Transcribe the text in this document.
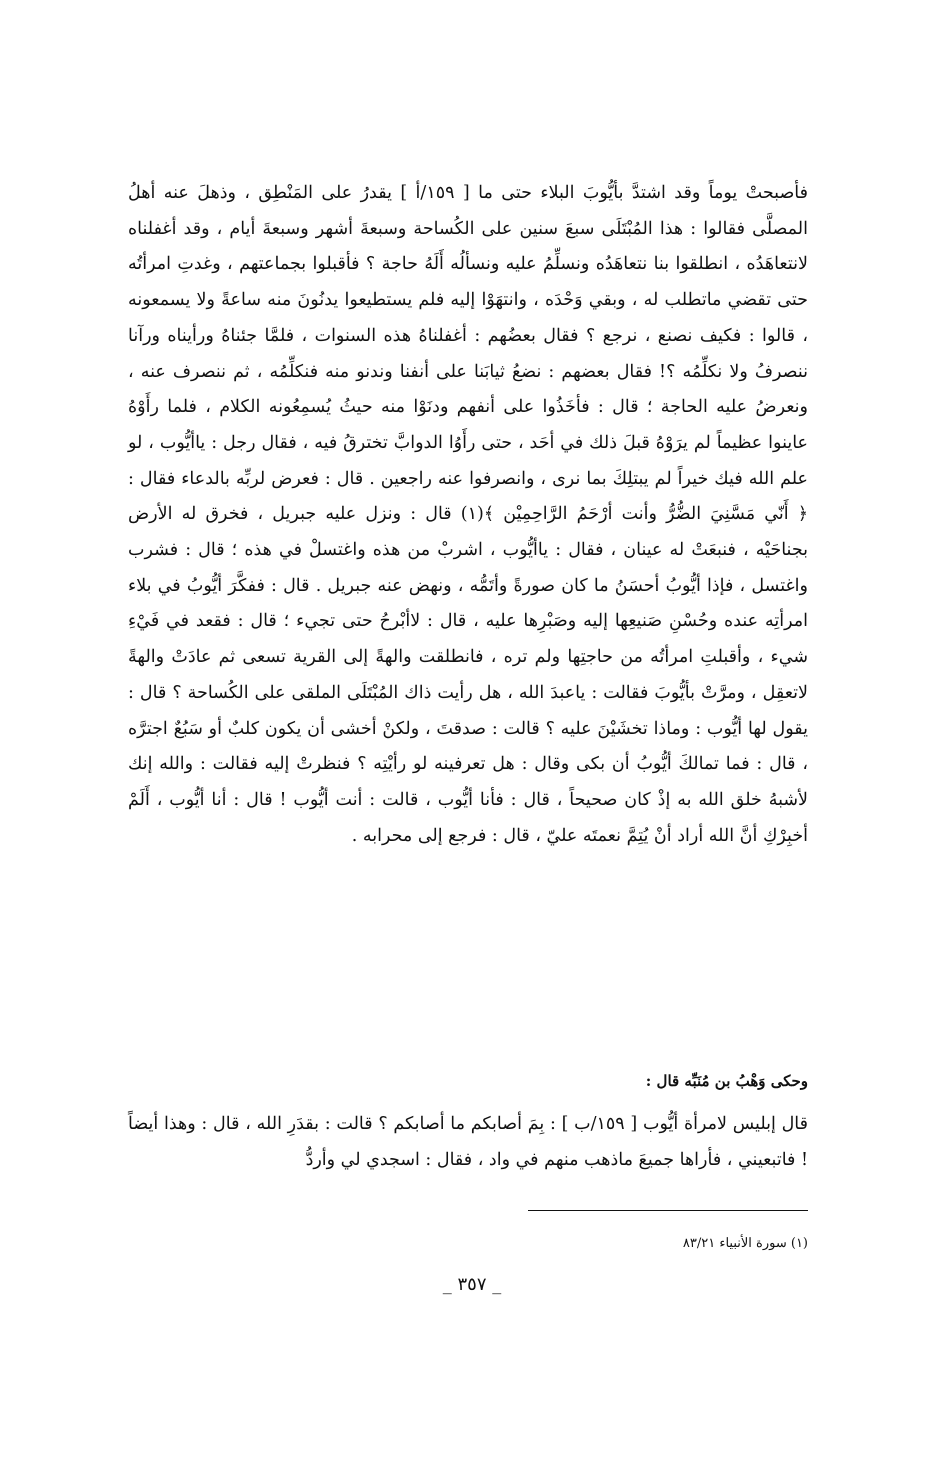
فأصبحتْ يوماً وقد اشتدَّ بأيُّوبَ البلاء حتى ما [ ١٥٩/أ ] يقدرُ على المَنْطِق ، وذهلَ عنه أهلُ المصلَّى فقالوا : هذا المُبْتَلَى سبعَ سنين على الكُساحة وسبعةَ أشهر وسبعةَ أيام ، وقد أغفلناه لانتعاهَدُه ، انطلقوا بنا نتعاهَدُه ونسلِّمُ عليه ونسألُه أَلَهُ حاجة ؟ فأقبلوا بجماعتهم ، وغدتِ امرأتُه حتى تقضي ماتطلب له ، وبقي وَحْدَه ، وانتهَوْا إليه فلم يستطيعوا يدنُونَ منه ساعةً ولا يسمعونه ، قالوا : فكيف نصنع ، نرجع ؟ فقال بعضُهم : أغفلناهُ هذه السنوات ، فلمَّا جئناهُ ورأيناه ورآنا ننصرفُ ولا نكلِّمُه ؟! فقال بعضهم : نضعُ ثيابَنا على أنفنا وندنو منه فنكلِّمُه ، ثم ننصرف عنه ، ونعرضُ عليه الحاجة ؛ قال : فأخَذُوا على أنفهم ودنَوْا منه حيثُ يُسمِعُونه الكلام ، فلما رأَوْهُ عاينوا عظيماً لم يرَوْهُ قبلَ ذلك في أحَد ، حتى رأَوُا الدوابَّ تخترقُ فيه ، فقال رجل : ياأيُّوب ، لو علم الله فيك خيراً لم يبتلِكَ بما نرى ، وانصرفوا عنه راجعين . قال : فعرض لربِّه بالدعاء فقال : ﴿ أَنّي مَسَّنِيَ الضُّرُّ وأنت أرْحَمُ الرَّاحِمِيْن ﴾(١) قال : ونزل عليه جبريل ، فخرق له الأرض بجناحَيْه ، فنبعَتْ له عينان ، فقال : ياأيُّوب ، اشربْ من هذه واغتسلْ في هذه ؛ قال : فشرب واغتسل ، فإذا أيُّوبُ أحسَنُ ما كان صورةً وأتَمُّه ، ونهض عنه جبريل . قال : ففكَّرَ أيُّوبُ في بلاء امرأتِه عنده وحُسْنِ صَنيعِها إليه وصَبْرِها عليه ، قال : لاأبْرحُ حتى تجيء ؛ قال : فقعد في فَيْءِ شيء ، وأقبلتِ امرأتُه من حاجتِها ولم تره ، فانطلقت والهةً إلى القرية تسعى ثم عادَتْ والهةً لاتعقِل ، ومرَّتْ بأيُّوبَ فقالت : ياعبدَ الله ، هل رأيت ذاك المُبْتَلَى الملقى على الكُساحة ؟ قال : يقول لها أيُّوب : وماذا تخشَيْنَ عليه ؟ قالت : صدقتَ ، ولكنْ أخشى أن يكون كلبٌ أو سَبُعٌ اجترَّه ، قال : فما تمالكَ أيُّوبُ أن بكى وقال : هل تعرفينه لو رأيْتِه ؟ فنظرتْ إليه فقالت : والله إنك لأشبهُ خلق الله به إذْ كان صحيحاً ، قال : فأنا أيُّوب ، قالت : أنت أيُّوب ! قال : أنا أيُّوب ، أَلَمْ أخبِرْكِ أنَّ الله أراد أنْ يُتِمَّ نعمتَه عليّ ، قال : فرجع إلى محرابه .

وحكى وَهْبُ بن مُنَبِّه قال :

قال إبليس لامرأة أيُّوب [ ١٥٩/ب ] : بِمَ أصابكم ما أصابكم ؟ قالت : بقدَرِ الله ، قال : وهذا أيضاً ! فاتبعيني ، فأراها جميعَ ماذهب منهم في واد ، فقال : اسجدي لي وأردُّ

(١) سورة الأنبياء ٨٣/٢١

_ ٣٥٧ _
